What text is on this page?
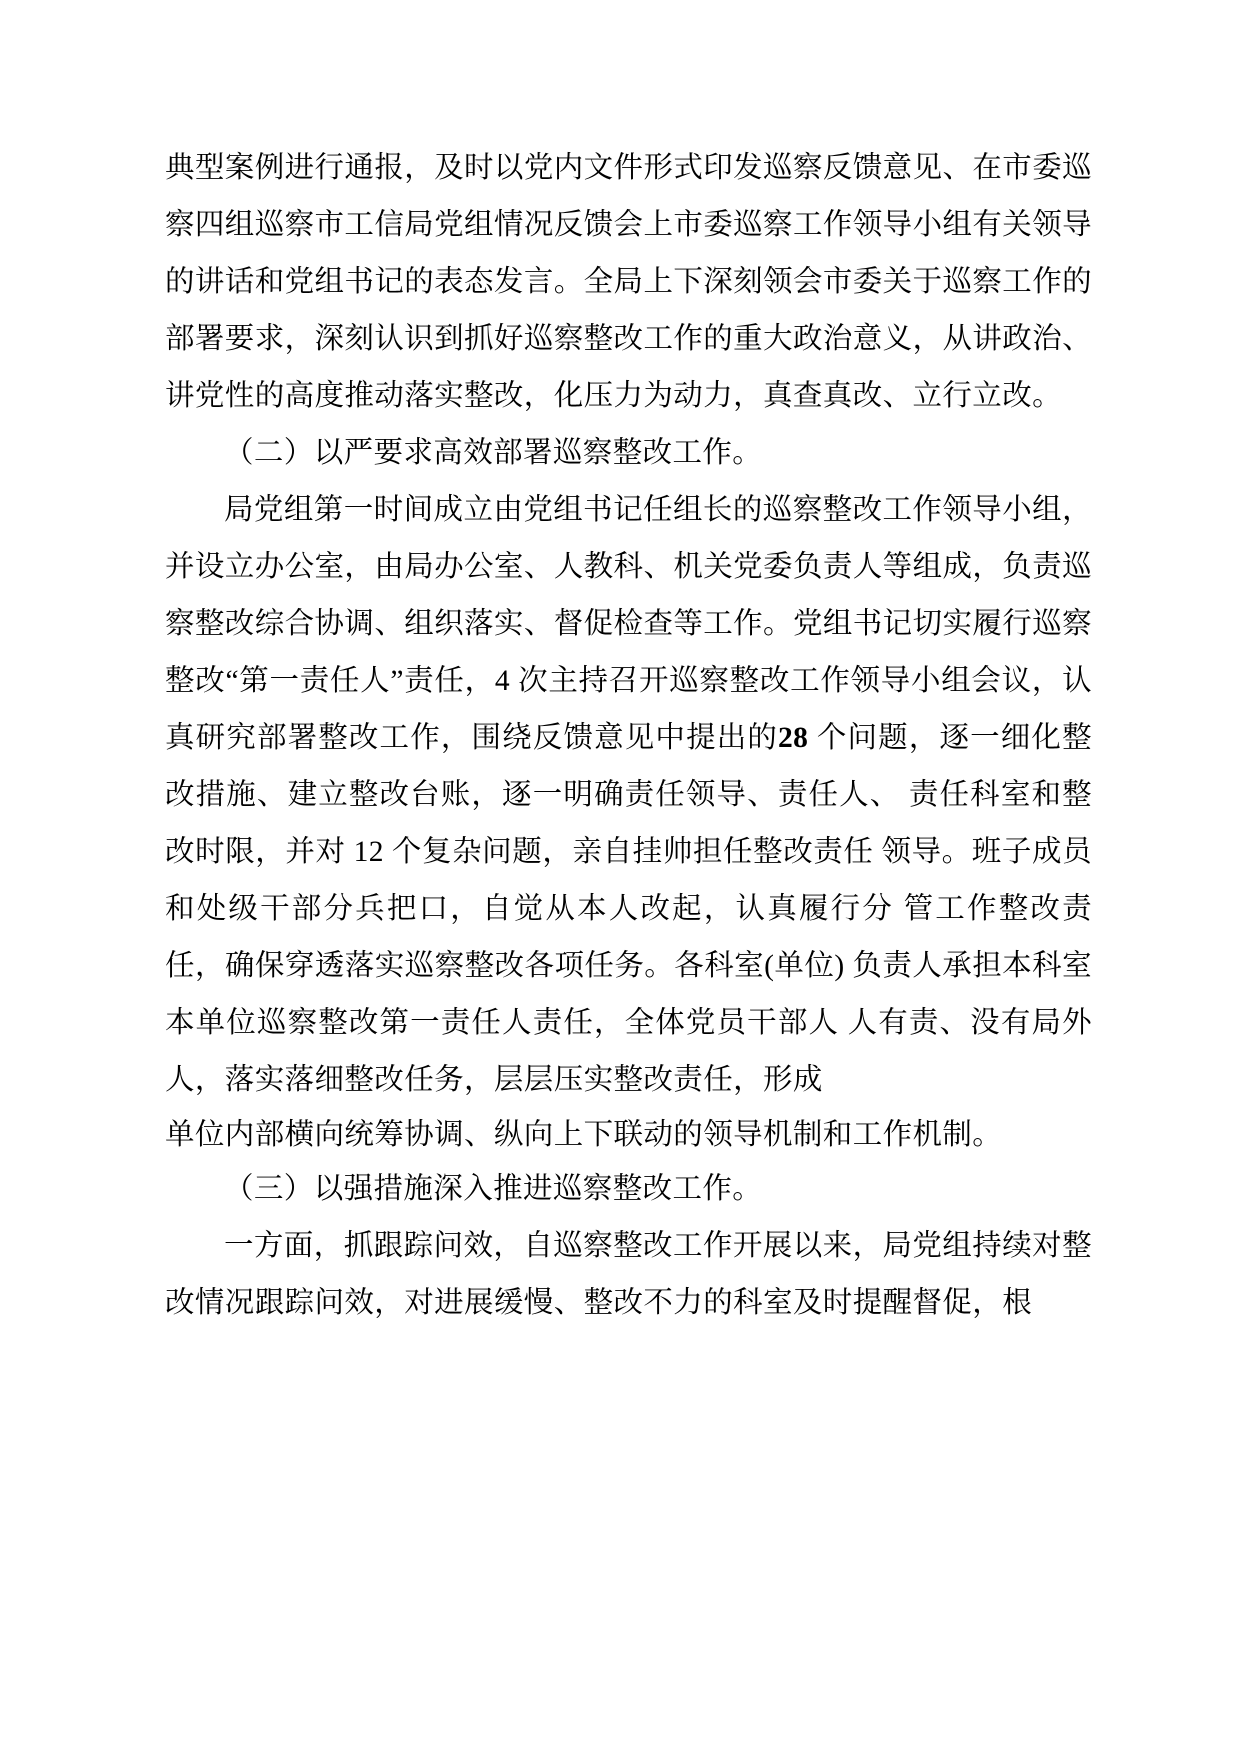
典型案例进行通报，及时以党内文件形式印发巡察反馈意见、在市委巡察四组巡察市工信局党组情况反馈会上市委巡察工作领导小组有关领导的讲话和党组书记的表态发言。全局上下深刻领会市委关于巡察工作的部署要求，深刻认识到抓好巡察整改工作的重大政治意义，从讲政治、讲党性的高度推动落实整改，化压力为动力，真查真改、立行立改。

（二）以严要求高效部署巡察整改工作。

局党组第一时间成立由党组书记任组长的巡察整改工作领导小组，并设立办公室，由局办公室、人教科、机关党委负责人等组成，负责巡察整改综合协调、组织落实、督促检查等工作。党组书记切实履行巡察整改“第一责任人”责任，4 次主持召开巡察整改工作领导小组会议，认真研究部署整改工作，围绕反馈意见中提出的28 个问题，逐一细化整改措施、建立整改台账，逐一明确责任领导、责任人、 责任科室和整改时限，并对 12 个复杂问题，亲自挂帅担任整改责任 领导。班子成员和处级干部分兵把口，自觉从本人改起，认真履行分 管工作整改责任，确保穿透落实巡察整改各项任务。各科室(单位) 负责人承担本科室本单位巡察整改第一责任人责任，全体党员干部人 人有责、没有局外人，落实落细整改任务，层层压实整改责任，形成

单位内部横向统筹协调、纵向上下联动的领导机制和工作机制。

（三）以强措施深入推进巡察整改工作。

一方面，抓跟踪问效，自巡察整改工作开展以来，局党组持续对整改情况跟踪问效，对进展缓慢、整改不力的科室及时提醒督促，根
